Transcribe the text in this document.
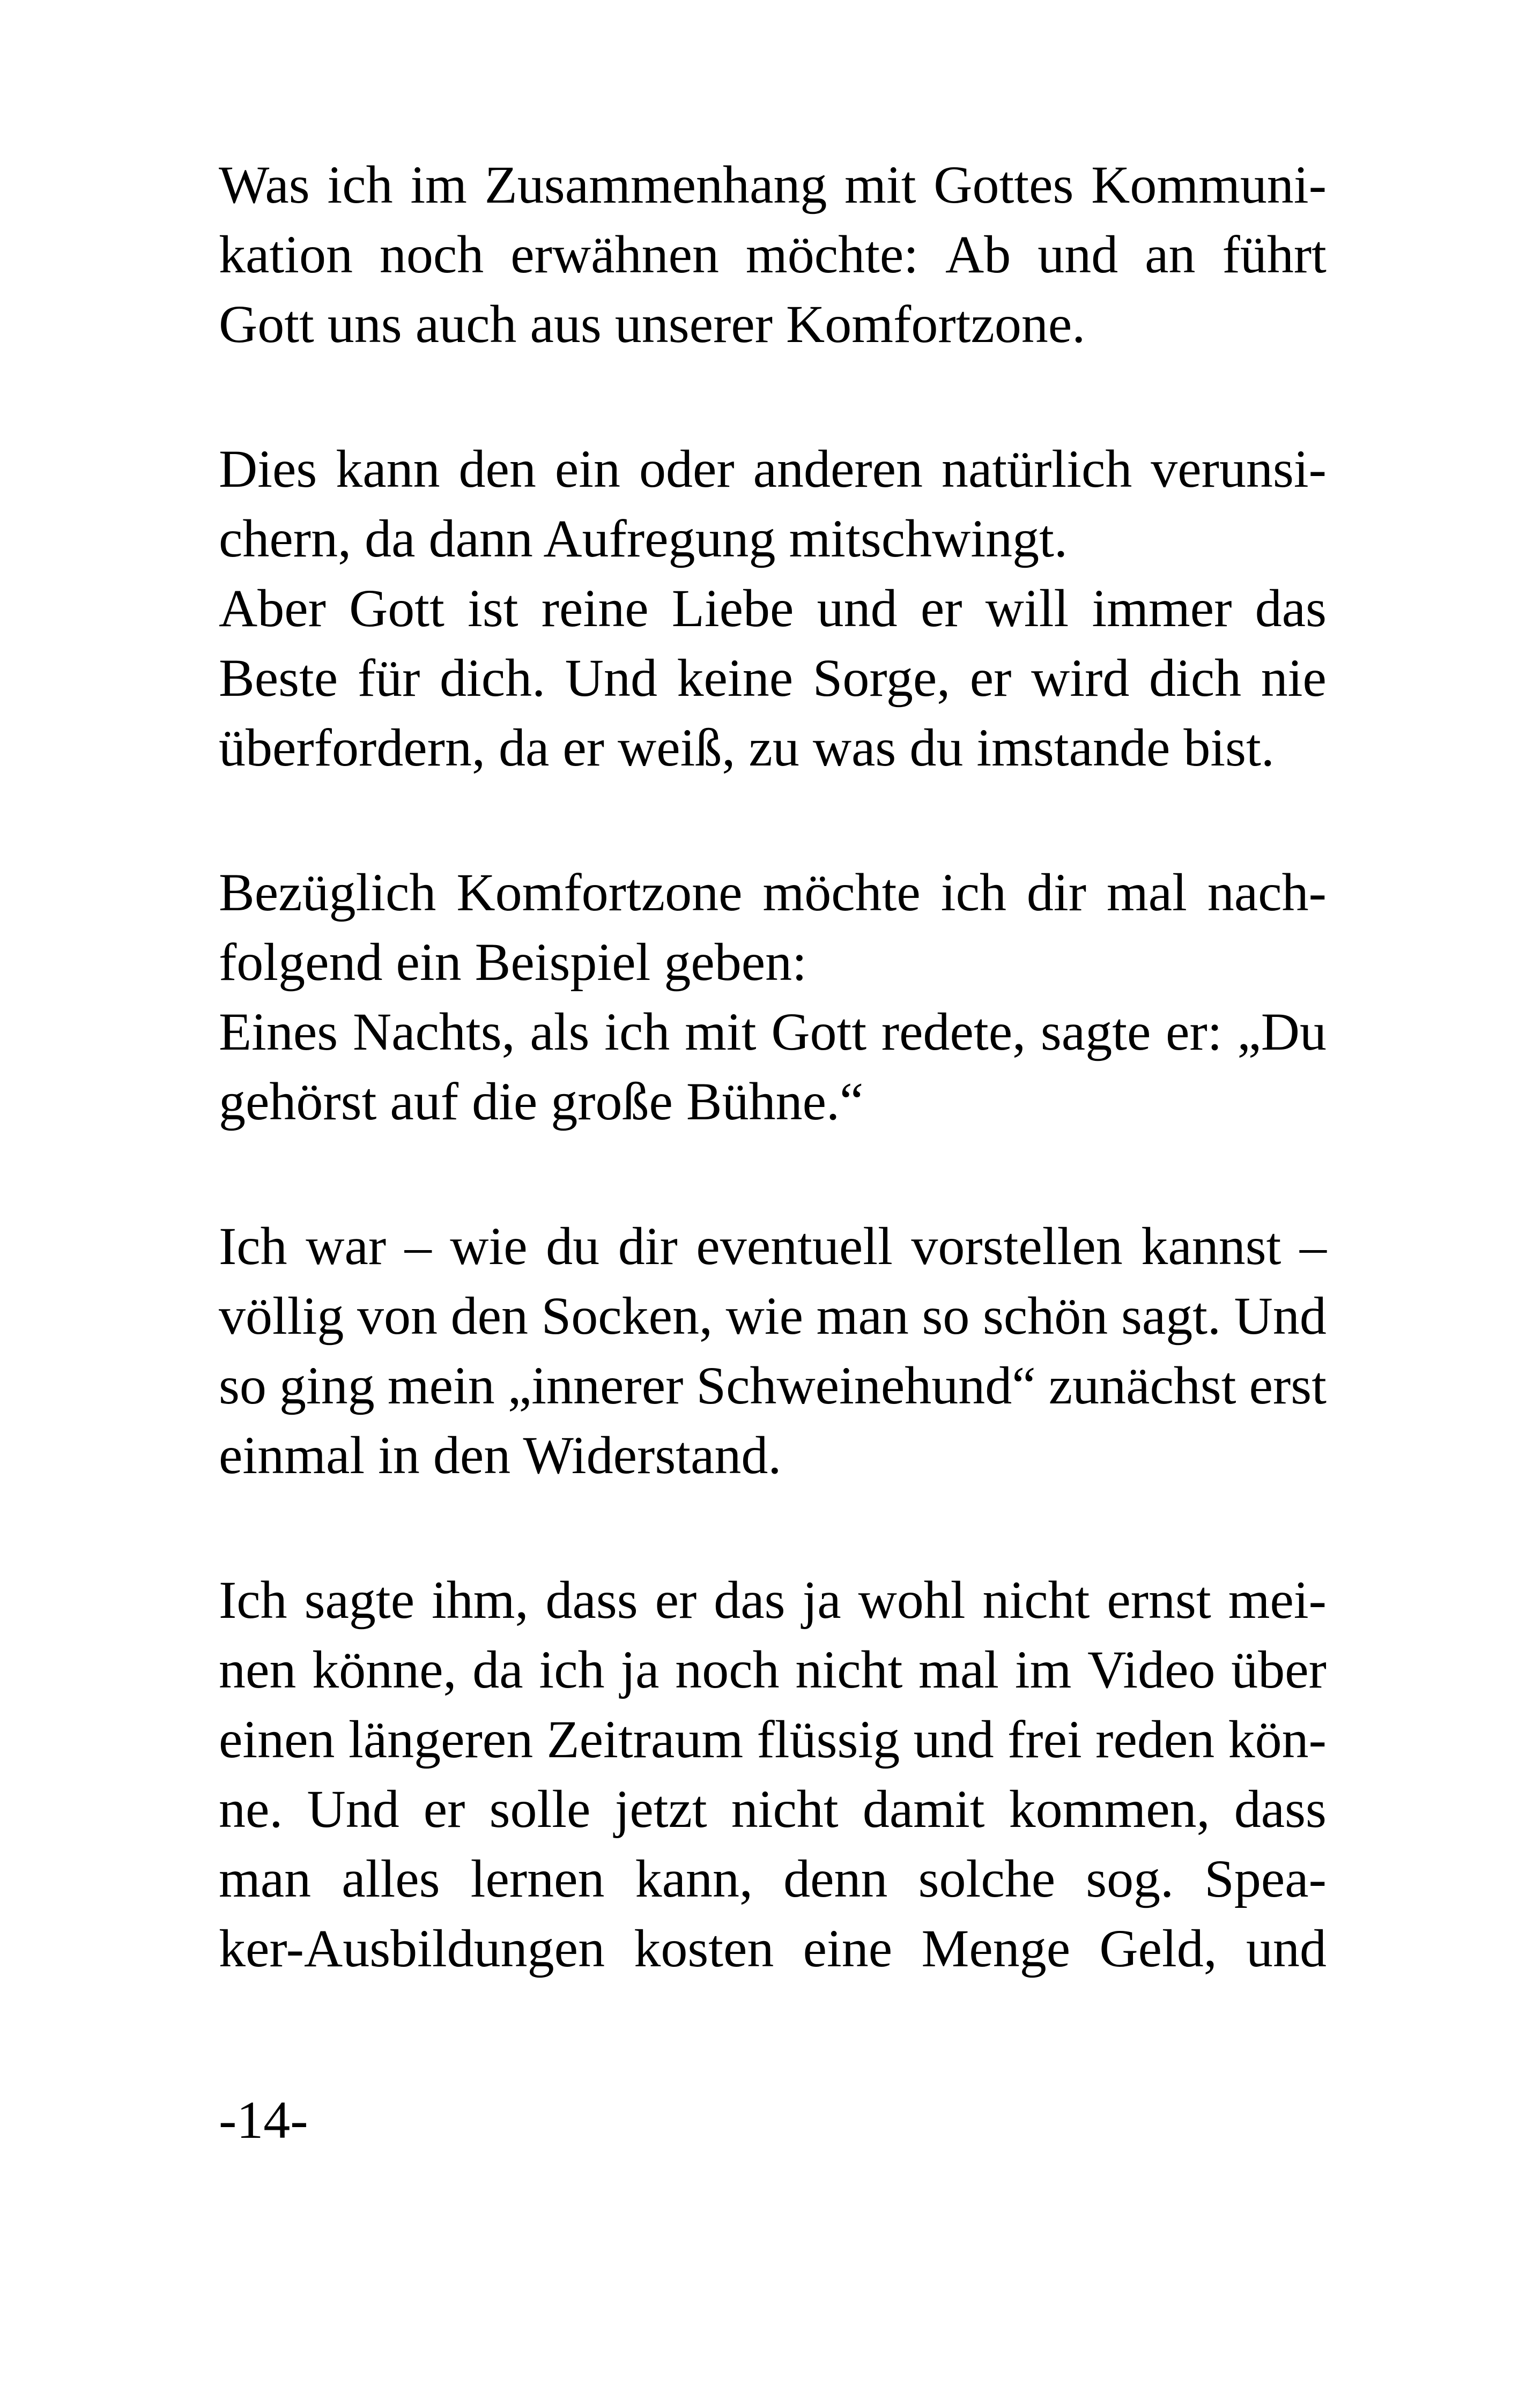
Was ich im Zusammenhang mit Gottes Kommuni-
kation noch erwähnen möchte: Ab und an führt
Gott uns auch aus unserer Komfortzone.
Dies kann den ein oder anderen natürlich verunsi-
chern, da dann Aufregung mitschwingt.
Aber Gott ist reine Liebe und er will immer das
Beste für dich. Und keine Sorge, er wird dich nie
überfordern, da er weiß, zu was du imstande bist.
Bezüglich Komfortzone möchte ich dir mal nach-
folgend ein Beispiel geben:
Eines Nachts, als ich mit Gott redete, sagte er: „Du
gehörst auf die große Bühne.“
Ich war – wie du dir eventuell vorstellen kannst –
völlig von den Socken, wie man so schön sagt. Und
so ging mein „innerer Schweinehund“ zunächst erst
einmal in den Widerstand.
Ich sagte ihm, dass er das ja wohl nicht ernst mei-
nen könne, da ich ja noch nicht mal im Video über
einen längeren Zeitraum flüssig und frei reden kön-
ne. Und er solle jetzt nicht damit kommen, dass
man alles lernen kann, denn solche sog. Spea-
ker-Ausbildungen kosten eine Menge Geld, und
-14-
